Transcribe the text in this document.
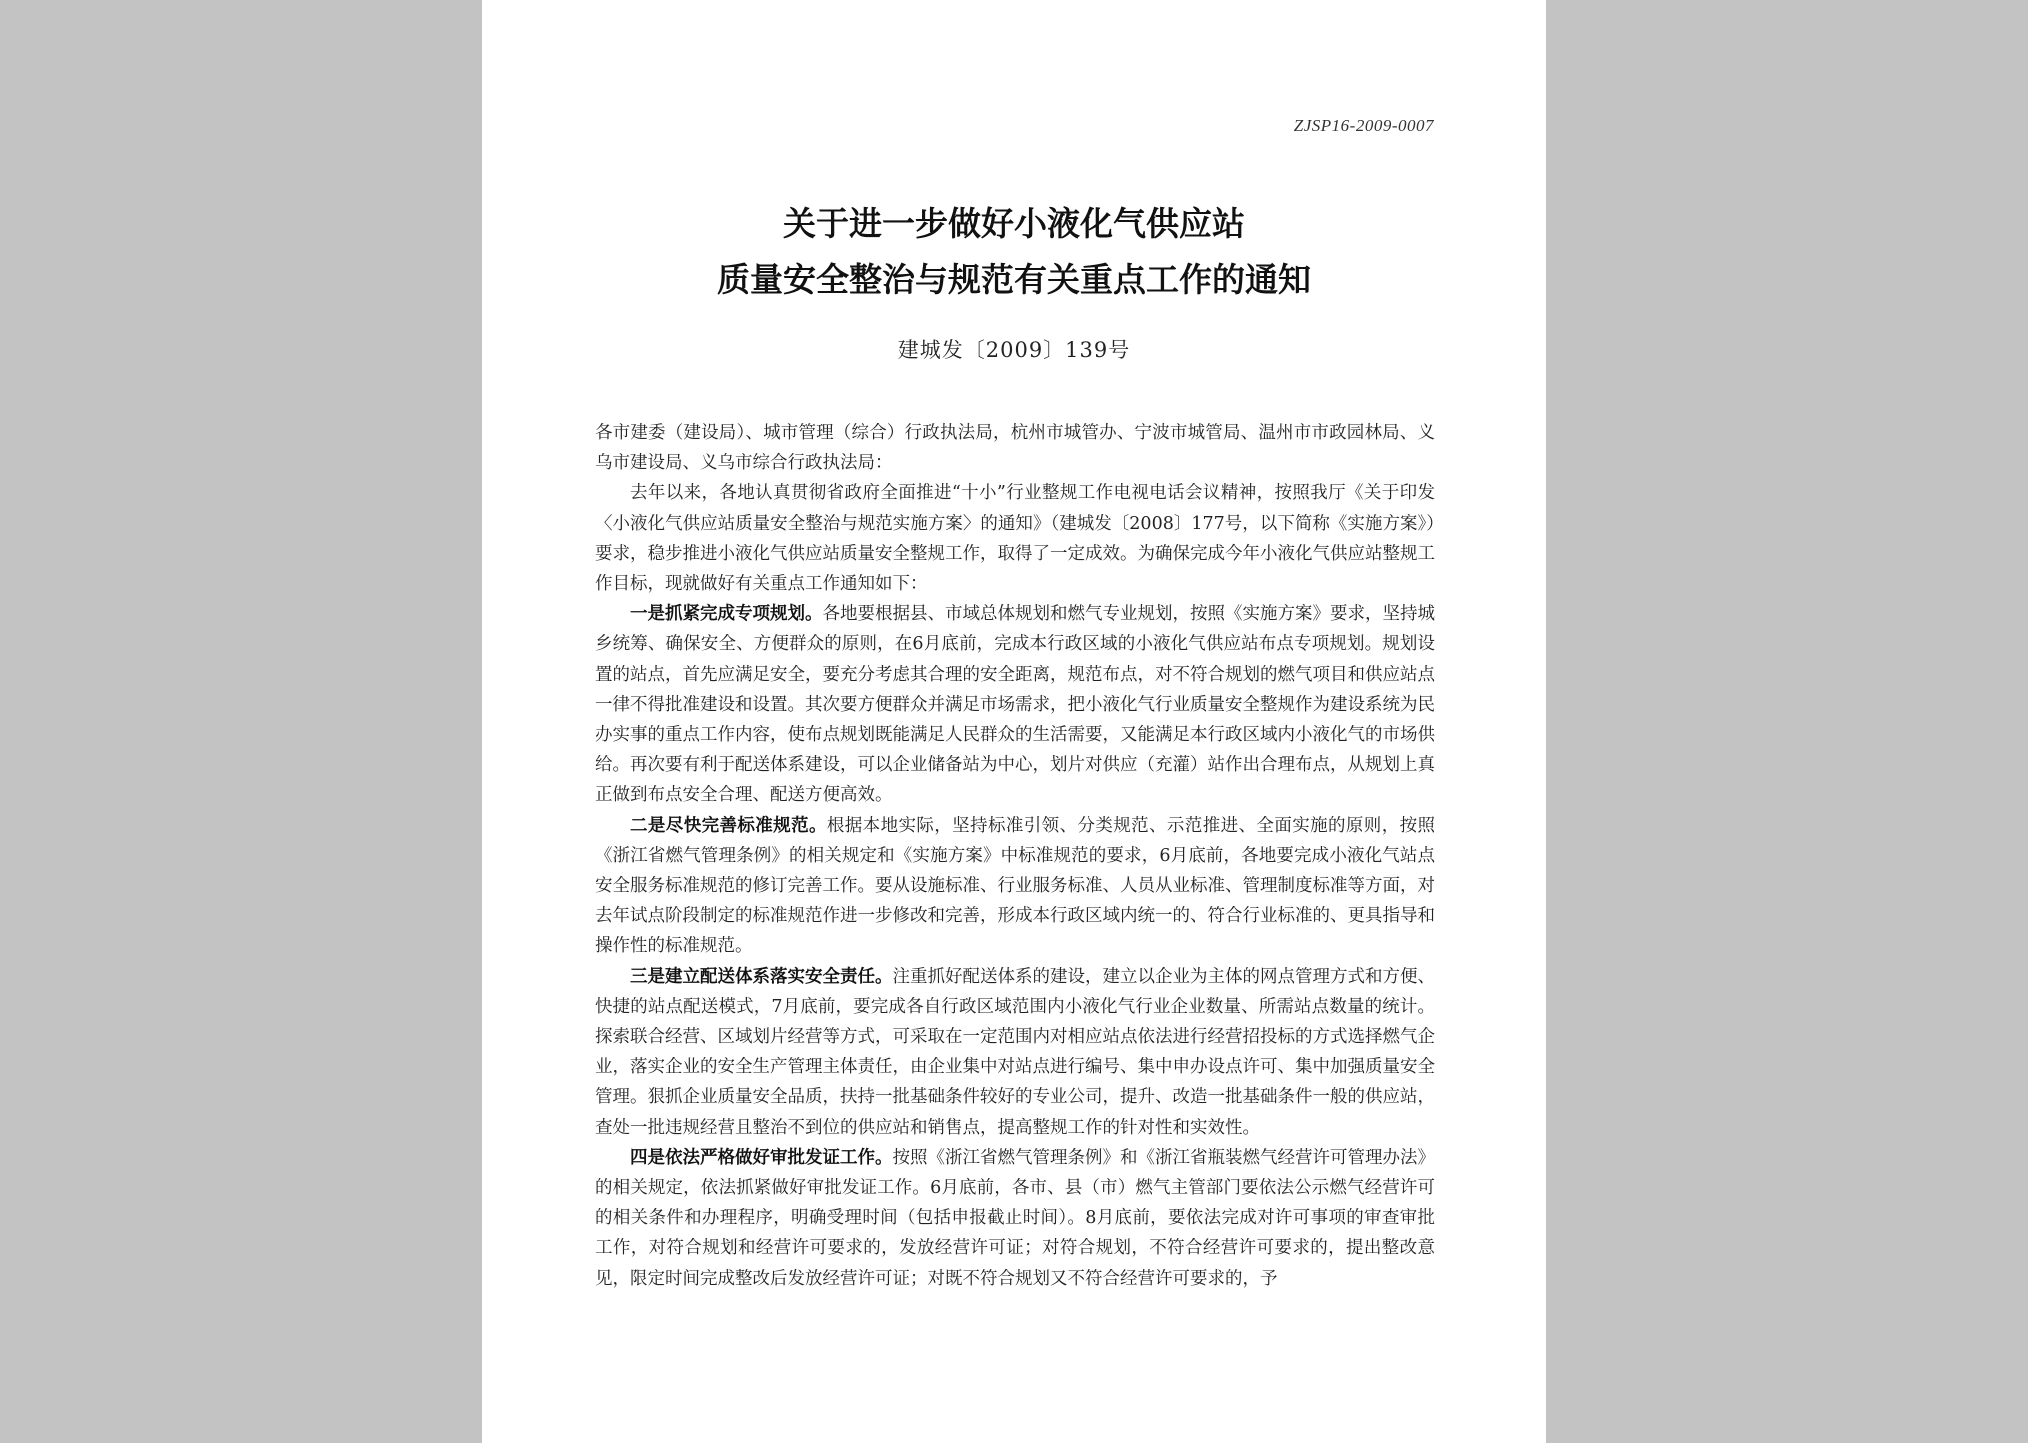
ZJSP16-2009-0007
关于进一步做好小液化气供应站
质量安全整治与规范有关重点工作的通知
建城发〔2009〕139号

各市建委（建设局）、城市管理（综合）行政执法局，杭州市城管办、宁波市城管局、温州市市政园林局、义乌市建设局、义乌市综合行政执法局：

去年以来，各地认真贯彻省政府全面推进“十小”行业整规工作电视电话会议精神，按照我厅《关于印发〈小液化气供应站质量安全整治与规范实施方案〉的通知》（建城发〔2008〕177号，以下简称《实施方案》）要求，稳步推进小液化气供应站质量安全整规工作，取得了一定成效。为确保完成今年小液化气供应站整规工作目标，现就做好有关重点工作通知如下：

一是抓紧完成专项规划。各地要根据县、市域总体规划和燃气专业规划，按照《实施方案》要求，坚持城乡统筹、确保安全、方便群众的原则，在6月底前，完成本行政区域的小液化气供应站布点专项规划。规划设置的站点，首先应满足安全，要充分考虑其合理的安全距离，规范布点，对不符合规划的燃气项目和供应站点一律不得批准建设和设置。其次要方便群众并满足市场需求，把小液化气行业质量安全整规作为建设系统为民办实事的重点工作内容，使布点规划既能满足人民群众的生活需要，又能满足本行政区域内小液化气的市场供给。再次要有利于配送体系建设，可以企业储备站为中心，划片对供应（充灌）站作出合理布点，从规划上真正做到布点安全合理、配送方便高效。

二是尽快完善标准规范。根据本地实际，坚持标准引领、分类规范、示范推进、全面实施的原则，按照《浙江省燃气管理条例》的相关规定和《实施方案》中标准规范的要求，6月底前，各地要完成小液化气站点安全服务标准规范的修订完善工作。要从设施标准、行业服务标准、人员从业标准、管理制度标准等方面，对去年试点阶段制定的标准规范作进一步修改和完善，形成本行政区域内统一的、符合行业标准的、更具指导和操作性的标准规范。

三是建立配送体系落实安全责任。注重抓好配送体系的建设，建立以企业为主体的网点管理方式和方便、快捷的站点配送模式，7月底前，要完成各自行政区域范围内小液化气行业企业数量、所需站点数量的统计。探索联合经营、区域划片经营等方式，可采取在一定范围内对相应站点依法进行经营招投标的方式选择燃气企业，落实企业的安全生产管理主体责任，由企业集中对站点进行编号、集中申办设点许可、集中加强质量安全管理。狠抓企业质量安全品质，扶持一批基础条件较好的专业公司，提升、改造一批基础条件一般的供应站，查处一批违规经营且整治不到位的供应站和销售点，提高整规工作的针对性和实效性。

四是依法严格做好审批发证工作。按照《浙江省燃气管理条例》和《浙江省瓶装燃气经营许可管理办法》的相关规定，依法抓紧做好审批发证工作。6月底前，各市、县（市）燃气主管部门要依法公示燃气经营许可的相关条件和办理程序，明确受理时间（包括申报截止时间）。8月底前，要依法完成对许可事项的审查审批工作，对符合规划和经营许可要求的，发放经营许可证；对符合规划，不符合经营许可要求的，提出整改意见，限定时间完成整改后发放经营许可证；对既不符合规划又不符合经营许可要求的，予
